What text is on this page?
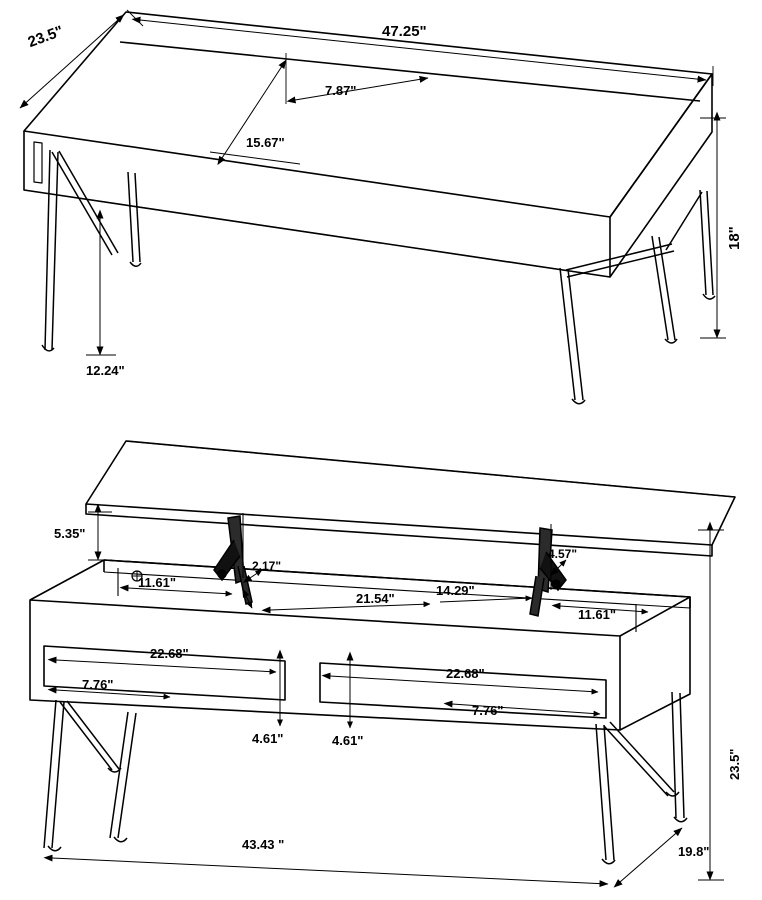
47.25"
23.5"
7.87"
15.67"
18"
12.24"
5.35"
2.17"
11.61"
4.57"
11.61"
21.54"
14.29"
22.68"
22.68"
7.76"
7.76"
4.61"	4.61"
43.43 "	19.8"
23.5"
